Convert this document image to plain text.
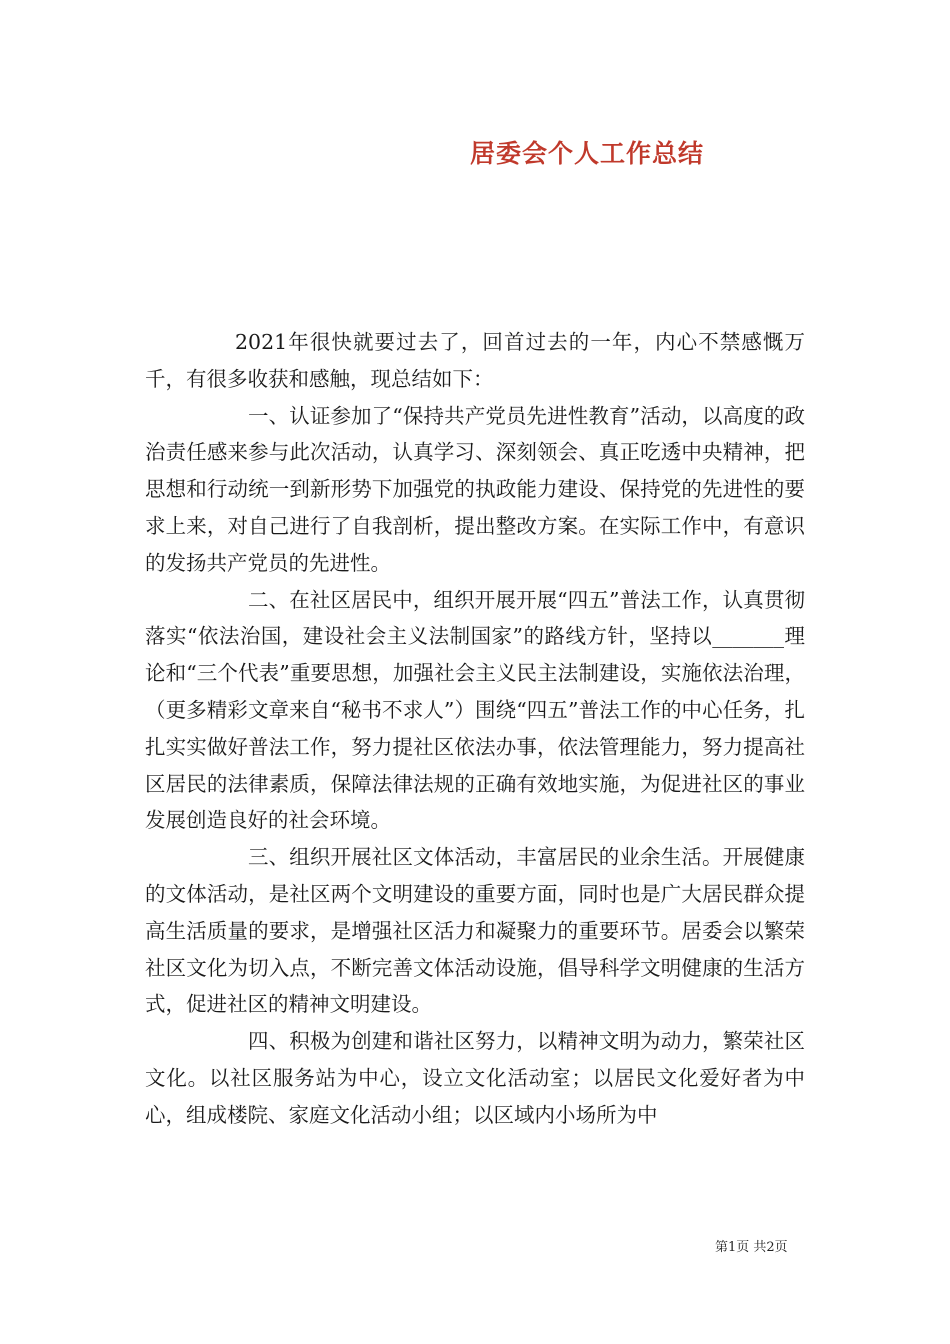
居委会个人工作总结

2021年很快就要过去了，回首过去的一年，内心不禁感慨万千，有很多收获和感触，现总结如下：

一、认证参加了“保持共产党员先进性教育”活动，以高度的政治责任感来参与此次活动，认真学习、深刻领会、真正吃透中央精神，把思想和行动统一到新形势下加强党的执政能力建设、保持党的先进性的要求上来，对自己进行了自我剖析，提出整改方案。在实际工作中，有意识的发扬共产党员的先进性。

二、在社区居民中，组织开展开展“四五”普法工作，认真贯彻落实“依法治国，建设社会主义法制国家”的路线方针，坚持以_______理论和“三个代表”重要思想，加强社会主义民主法制建设，实施依法治理，（更多精彩文章来自“秘书不求人”）围绕“四五”普法工作的中心任务，扎扎实实做好普法工作，努力提社区依法办事，依法管理能力，努力提高社区居民的法律素质，保障法律法规的正确有效地实施，为促进社区的事业发展创造良好的社会环境。

三、组织开展社区文体活动，丰富居民的业余生活。开展健康的文体活动，是社区两个文明建设的重要方面，同时也是广大居民群众提高生活质量的要求，是增强社区活力和凝聚力的重要环节。居委会以繁荣社区文化为切入点，不断完善文体活动设施，倡导科学文明健康的生活方式，促进社区的精神文明建设。

四、积极为创建和谐社区努力，以精神文明为动力，繁荣社区文化。以社区服务站为中心，设立文化活动室；以居民文化爱好者为中心，组成楼院、家庭文化活动小组；以区域内小场所为中

第1页 共2页
